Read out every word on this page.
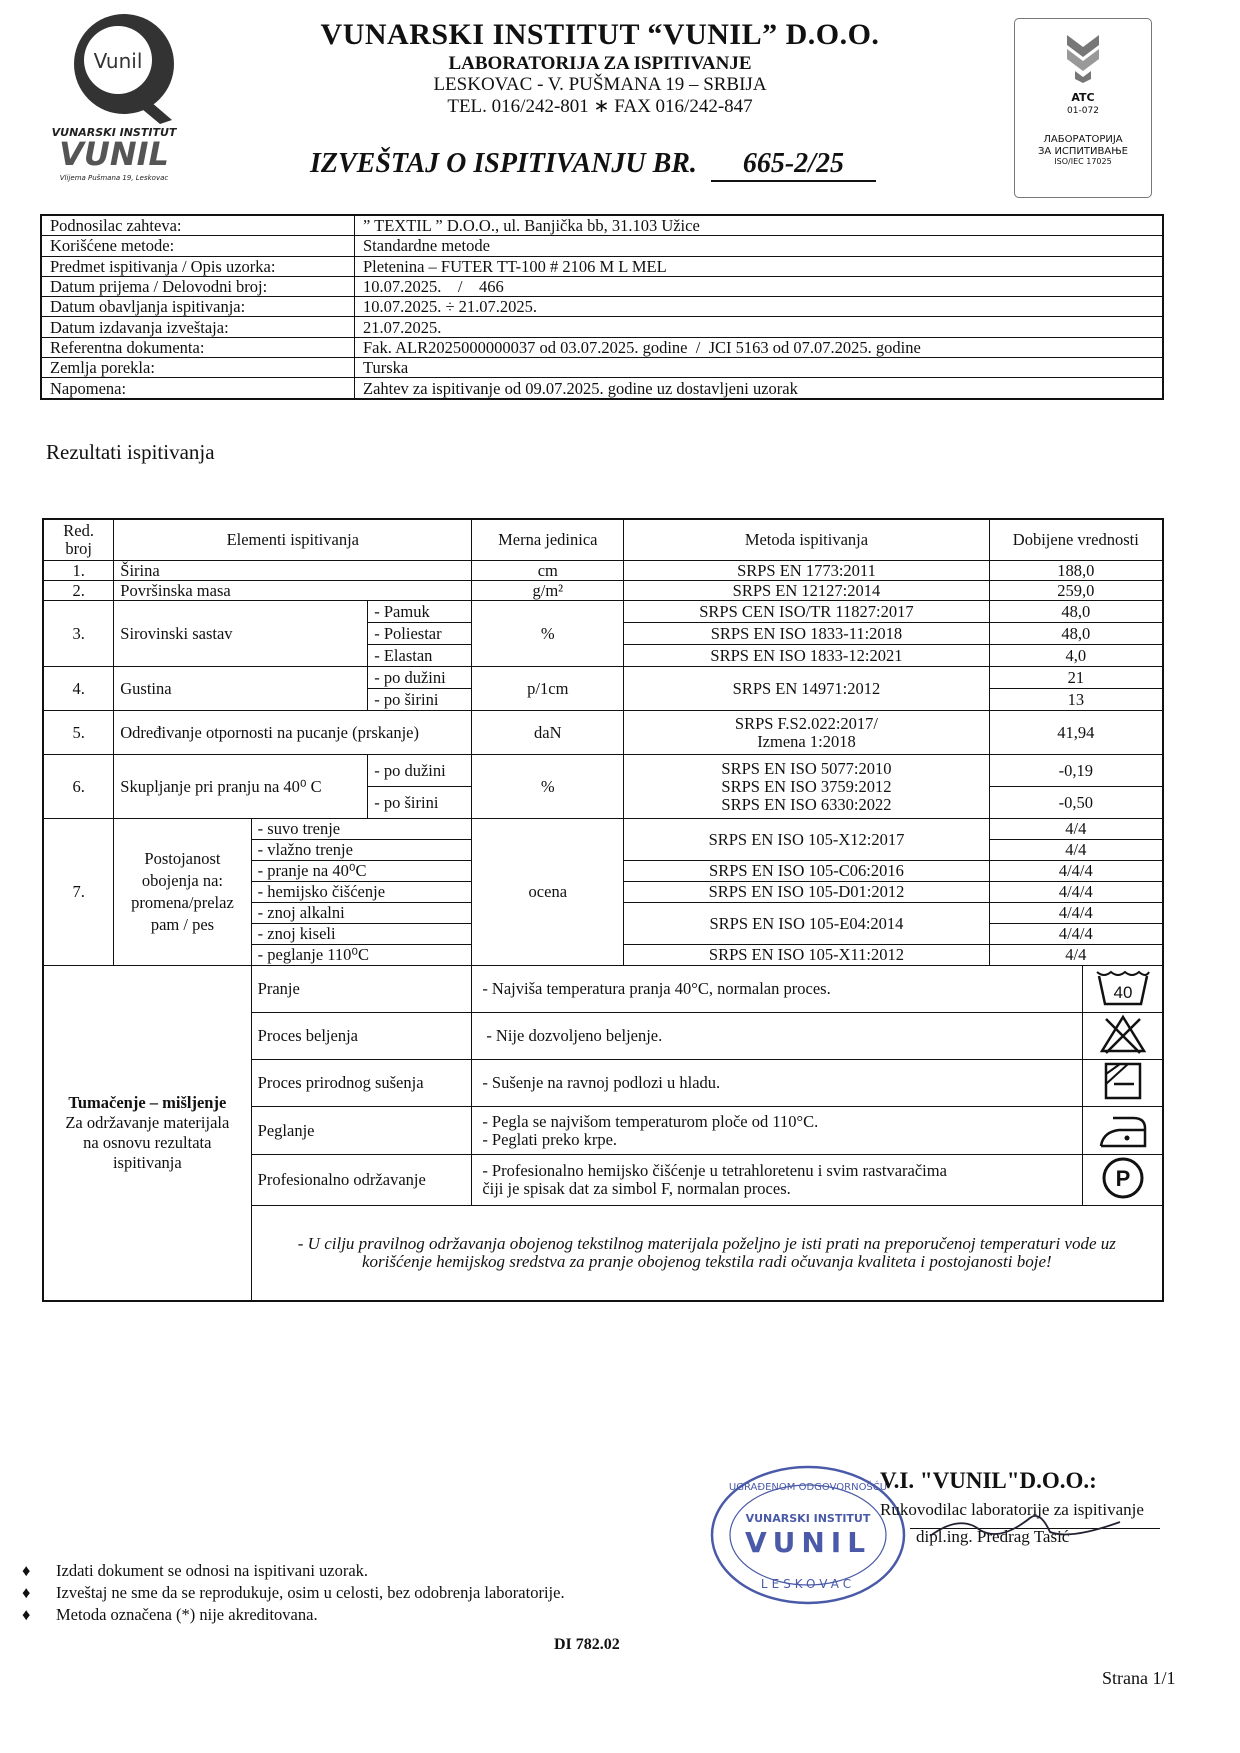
Vunil
VUNARSKI INSTITUT
VUNIL
Vlijema Pušmana 19, Leskovac
VUNARSKI INSTITUT “VUNIL” D.O.O.
LABORATORIJA ZA ISPITIVANJE
LESKOVAC - V. PUŠMANA 19 – SRBIJA
TEL. 016/242-801 ∗ FAX 016/242-847
IZVEŠTAJ O ISPITIVANJU BR. 665-2/25
ATC
01-072
ЛАБОРАТОРИЈА
ЗА ИСПИТИВАЊЕ
ISO/IEC 17025
Podnosilac zahteva:	” TEXTIL ” D.O.O., ul. Banjička bb, 31.103 Užice
Korišćene metode:	Standardne metode
Predmet ispitivanja / Opis uzorka:	Pletenina – FUTER TT-100 # 2106 M L MEL
Datum prijema / Delovodni broj:	10.07.2025.    /    466
Datum obavljanja ispitivanja:	10.07.2025. ÷ 21.07.2025.
Datum izdavanja izveštaja:	21.07.2025.
Referentna dokumenta:	Fak. ALR2025000000037 od 03.07.2025. godine  /  JCI 5163 od 07.07.2025. godine
Zemlja porekla:	Turska
Napomena:	Zahtev za ispitivanje od 09.07.2025. godine uz dostavljeni uzorak
Rezultati ispitivanja
Red. broj	Elementi ispitivanja			Merna jedinica	Metoda ispitivanja	Dobijene vrednosti	
1.	Širina			cm	SRPS EN 1773:2011	188,0	
2.	Površinska masa			g/m²	SRPS EN 12127:2014	259,0	
3.	Sirovinski sastav		- Pamuk	%	SRPS CEN ISO/TR 11827:2017	48,0	
			- Poliestar		SRPS EN ISO 1833-11:2018	48,0	
			- Elastan		SRPS EN ISO 1833-12:2021	4,0	
4.	Gustina		- po dužini	p/1cm	SRPS EN 14971:2012	21	
			- po širini			13	
5.	Određivanje otpornosti na pucanje (prskanje)			daN	SRPS F.S2.022:2017/
Izmena 1:2018	41,94	
6.	Skupljanje pri pranju na 40⁰ C		- po dužini	%	SRPS EN ISO 5077:2010
SRPS EN ISO 3759:2012
SRPS EN ISO 6330:2022	-0,19	
			- po širini			-0,50	
7.	Postojanost
obojenja na:
promena/prelaz
pam / pes	- suvo trenje		ocena	SRPS EN ISO 105-X12:2017	4/4	
		- vlažno trenje				4/4	
		- pranje na 40⁰C			SRPS EN ISO 105-C06:2016	4/4/4	
		- hemijsko čišćenje			SRPS EN ISO 105-D01:2012	4/4/4	
		- znoj alkalni			SRPS EN ISO 105-E04:2014	4/4/4	
		- znoj kiseli				4/4/4	
		- peglanje 110⁰C			SRPS EN ISO 105-X11:2012	4/4	

Tumačenje – mišljenje
Za održavanje materijala
na osnovu rezultata
ispitivanja		Pranje		- Najviša temperatura pranja 40°C, normalan proces.			40

		Proces beljenja		- Nije dozvoljeno beljenje.	
		Proces prirodnog sušenja		- Sušenje na ravnoj podlozi u hladu.	
		Peglanje		- Pegla se najvišom temperaturom ploče od 110°C.
- Peglati preko krpe.

		Profesionalno održavanje		- Profesionalno hemijsko čišćenje u tetrahloretenu i svim rastvaračima
čiji je spisak dat za simbol F, normalan proces.			P

		- U cilju pravilnog održavanja obojenog tekstilnog materijala poželjno je isti prati na preporučenoj temperaturi vode uz korišćenje hemijskog sredstva za pranje obojenog tekstila radi očuvanja kvaliteta i postojanosti boje!					
UGRAĐENOM ODGOVORNOŠĆU
VUNARSKI INSTITUT
VUNIL
LESKOVAC
V.I. "VUNIL"D.O.O.:
Rukovodilac laboratorije za ispitivanje
dipl.ing. Predrag Tasić
♦ Izdati dokument se odnosi na ispitivani uzorak.
♦ Izveštaj ne sme da se reprodukuje, osim u celosti, bez odobrenja laboratorije.
♦ Metoda označena (*) nije akreditovana.
DI 782.02
Strana 1/1
